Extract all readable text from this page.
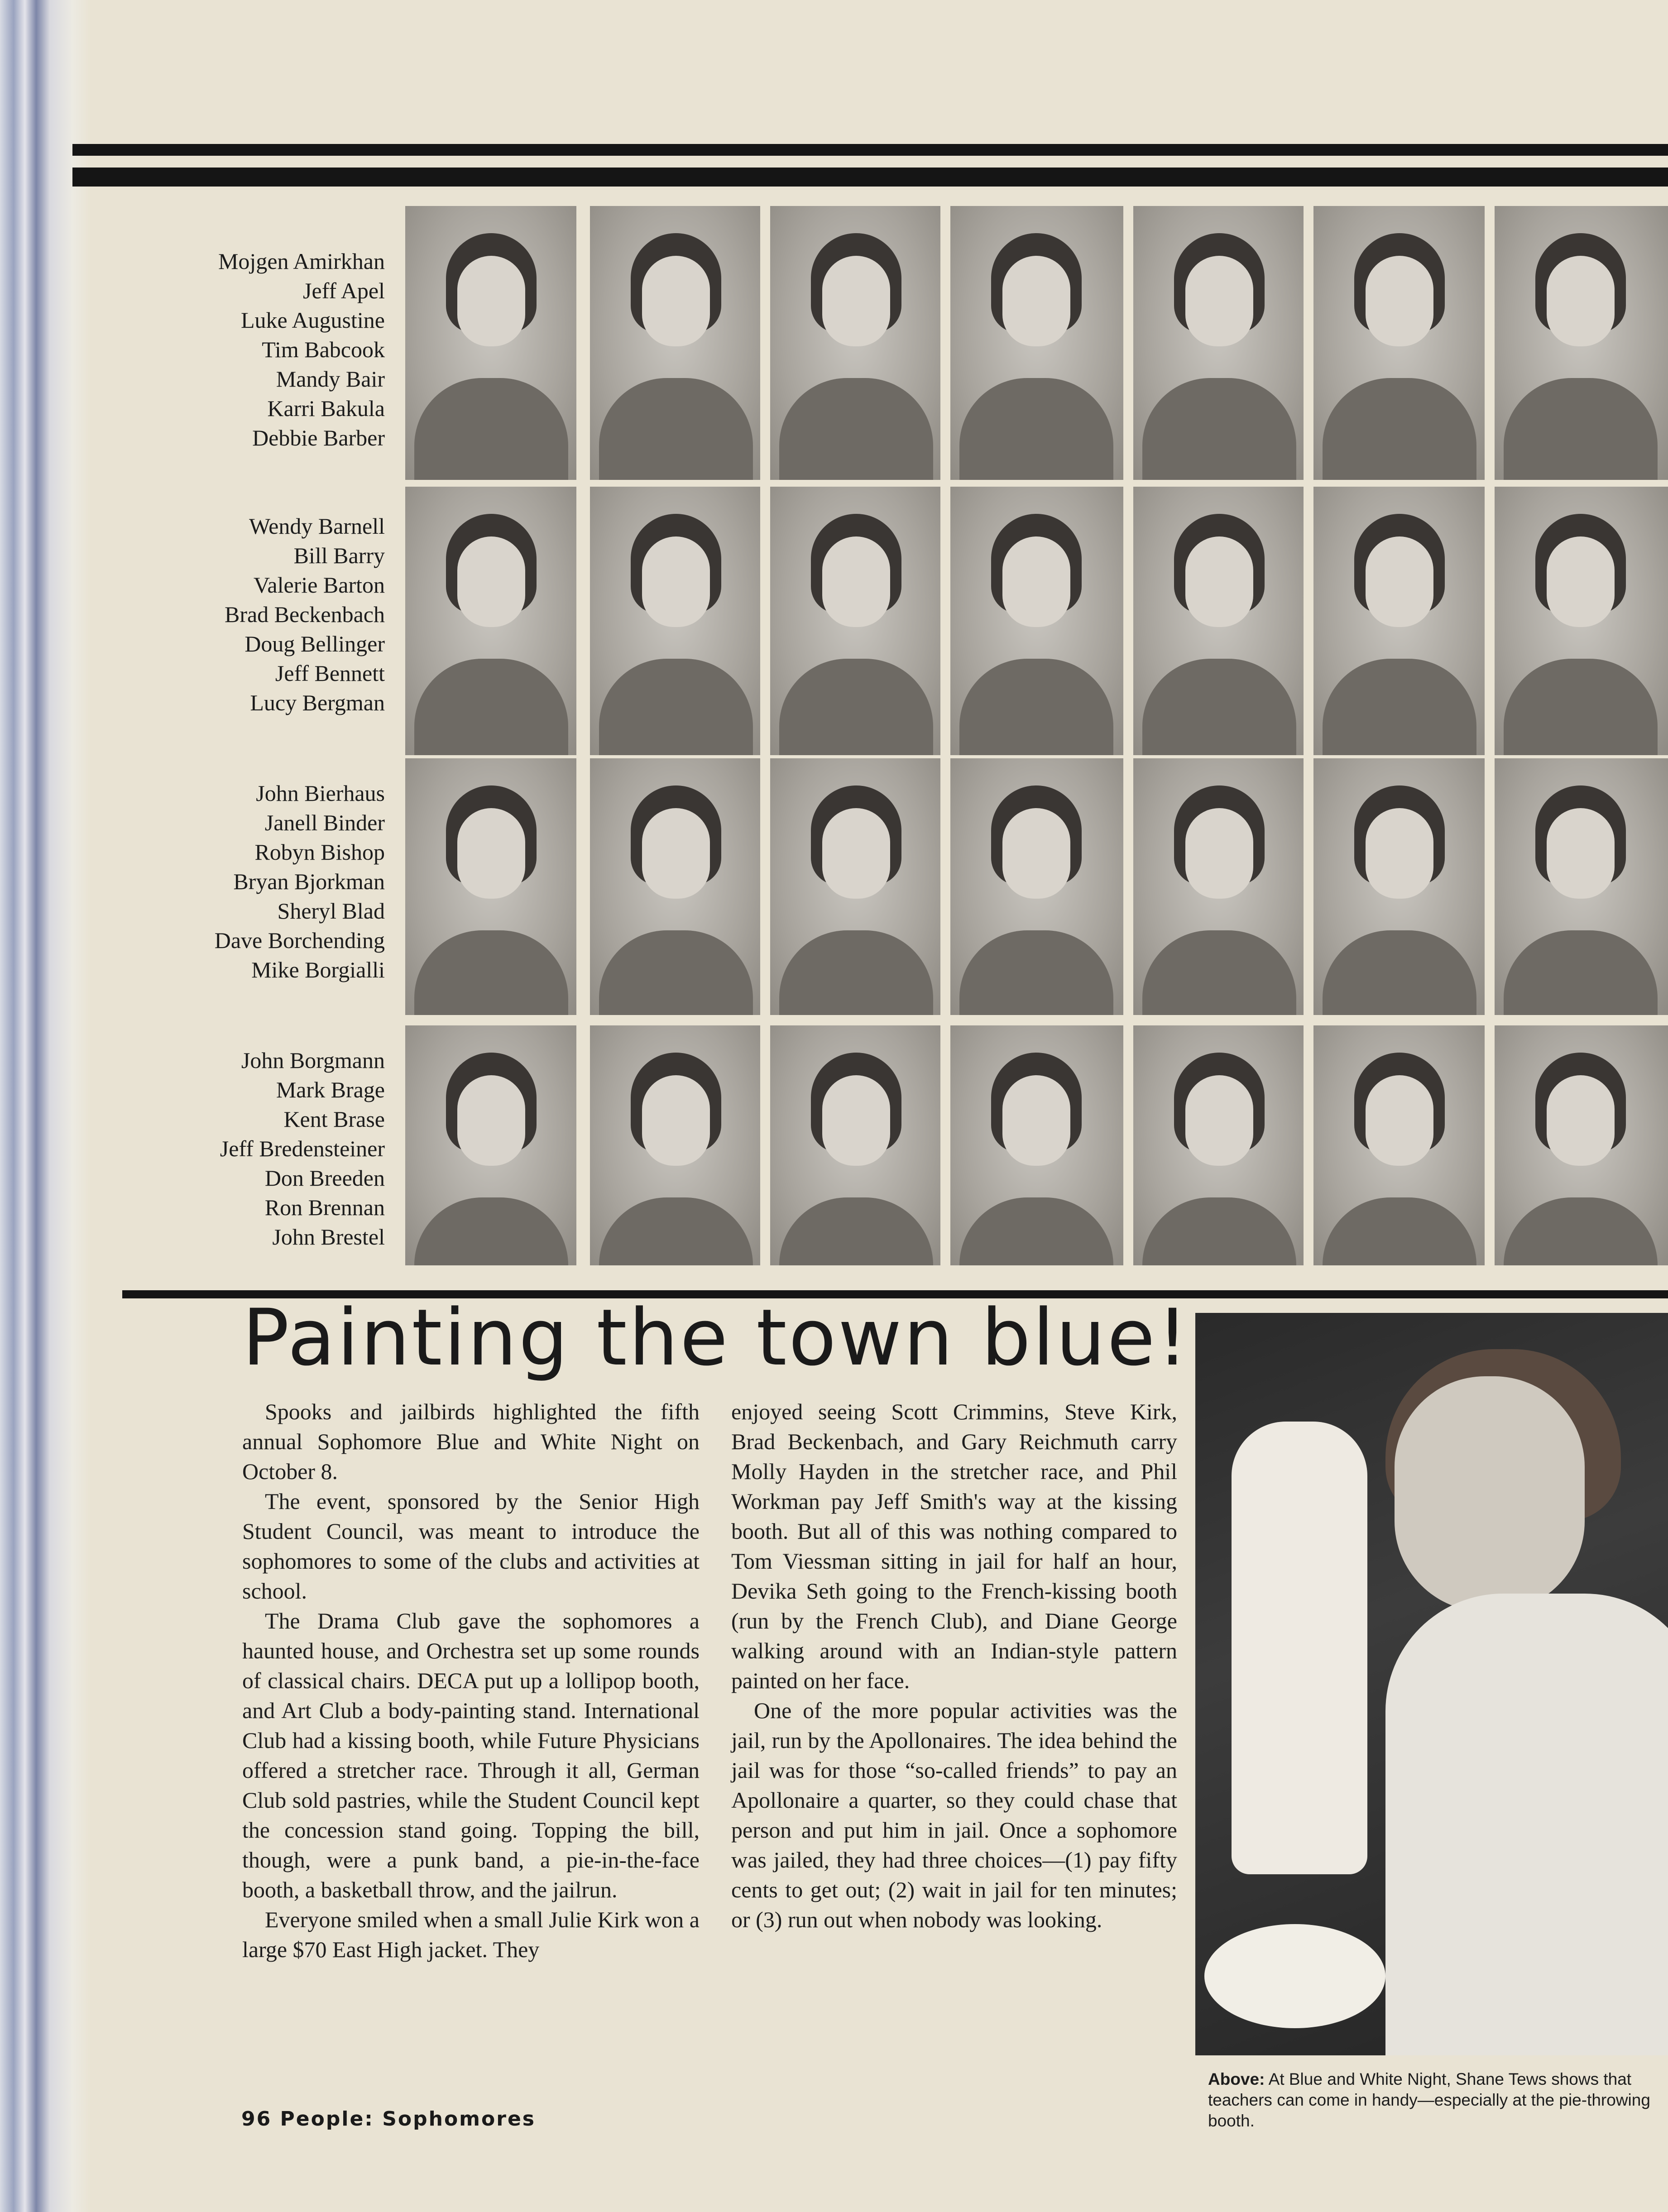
Mojgen Amirkhan
Jeff Apel
Luke Augustine
Tim Babcook
Mandy Bair
Karri Bakula
Debbie Barber
Wendy Barnell
Bill Barry
Valerie Barton
Brad Beckenbach
Doug Bellinger
Jeff Bennett
Lucy Bergman
John Bierhaus
Janell Binder
Robyn Bishop
Bryan Bjorkman
Sheryl Blad
Dave Borchending
Mike Borgialli
John Borgmann
Mark Brage
Kent Brase
Jeff Bredensteiner
Don Breeden
Ron Brennan
John Brestel
Painting the town blue!

Spooks and jailbirds highlighted the fifth annual Sophomore Blue and White Night on October 8.

The event, sponsored by the Senior High Student Council, was meant to introduce the sophomores to some of the clubs and activities at school.

The Drama Club gave the sophomores a haunted house, and Orchestra set up some rounds of classical chairs. DECA put up a lollipop booth, and Art Club a body-painting stand. International Club had a kissing booth, while Future Physicians offered a stretcher race. Through it all, German Club sold pastries, while the Student Council kept the concession stand going. Topping the bill, though, were a punk band, a pie-in-the-face booth, a basketball throw, and the jailrun.

Everyone smiled when a small Julie Kirk won a large $70 East High jacket. They

enjoyed seeing Scott Crimmins, Steve Kirk, Brad Beckenbach, and Gary Reichmuth carry Molly Hayden in the stretcher race, and Phil Workman pay Jeff Smith's way at the kissing booth. But all of this was nothing compared to Tom Viessman sitting in jail for half an hour, Devika Seth going to the French-kissing booth (run by the French Club), and Diane George walking around with an Indian-style pattern painted on her face.

One of the more popular activities was the jail, run by the Apollonaires. The idea behind the jail was for those “so-called friends” to pay an Apollonaire a quarter, so they could chase that person and put him in jail. Once a sophomore was jailed, they had three choices—(1) pay fifty cents to get out; (2) wait in jail for ten minutes; or (3) run out when nobody was looking.

Above: At Blue and White Night, Shane Tews shows that teachers can come in handy—especially at the pie-throwing booth.
96 People: Sophomores
